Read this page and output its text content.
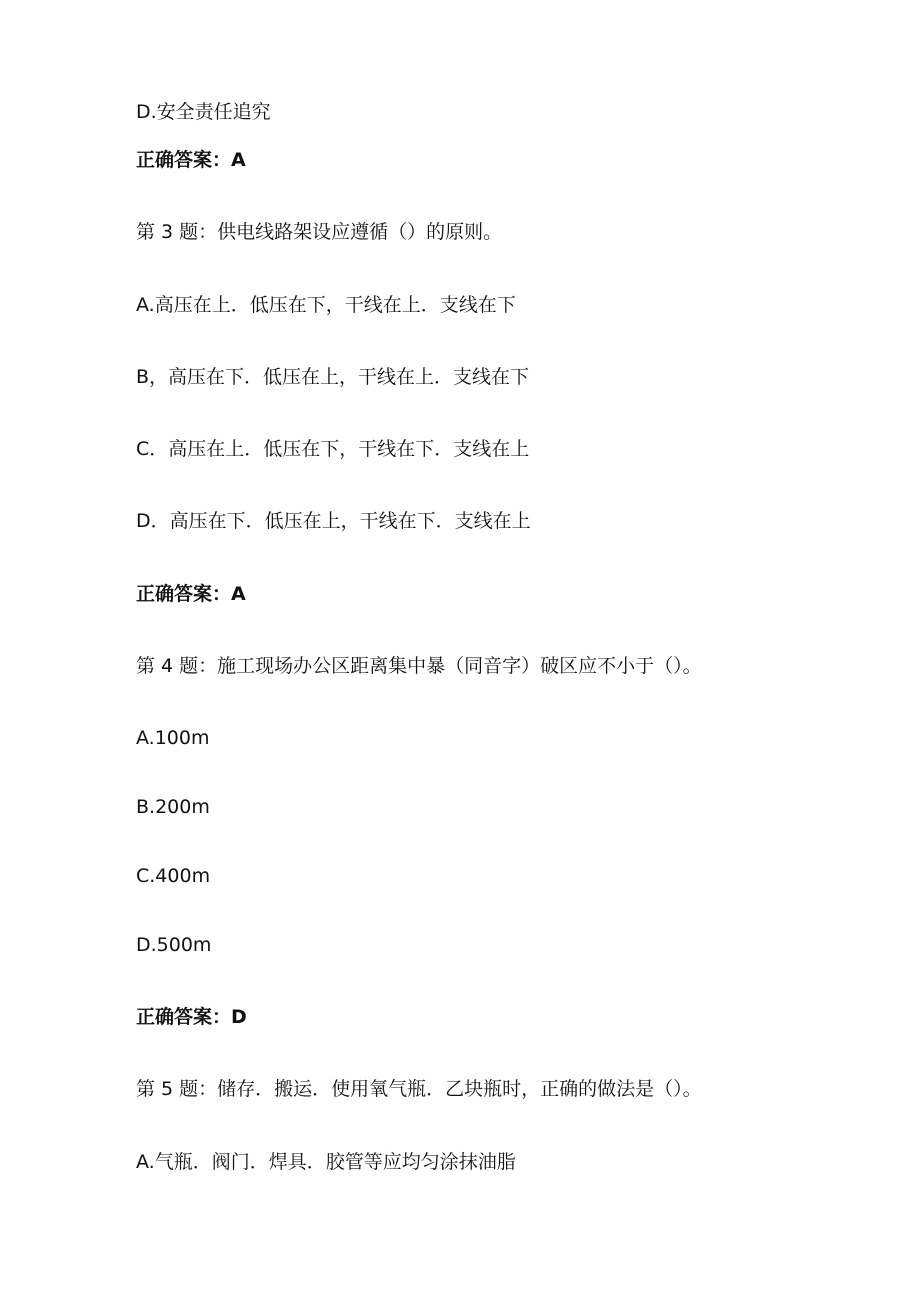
D.安全责任追究
正确答案：A
第 3 题：供电线路架设应遵循（）的原则。
A.高压在上．低压在下，干线在上．支线在下
B，高压在下．低压在上，干线在上．支线在下
C．高压在上．低压在下，干线在下．支线在上
D．高压在下．低压在上，干线在下．支线在上
正确答案：A
第 4 题：施工现场办公区距离集中暴（同音字）破区应不小于（）。
A.100m
B.200m
C.400m
D.500m
正确答案：D
第 5 题：储存．搬运．使用氧气瓶．乙块瓶时，正确的做法是（）。
A.气瓶．阀门．焊具．胶管等应均匀涂抹油脂
